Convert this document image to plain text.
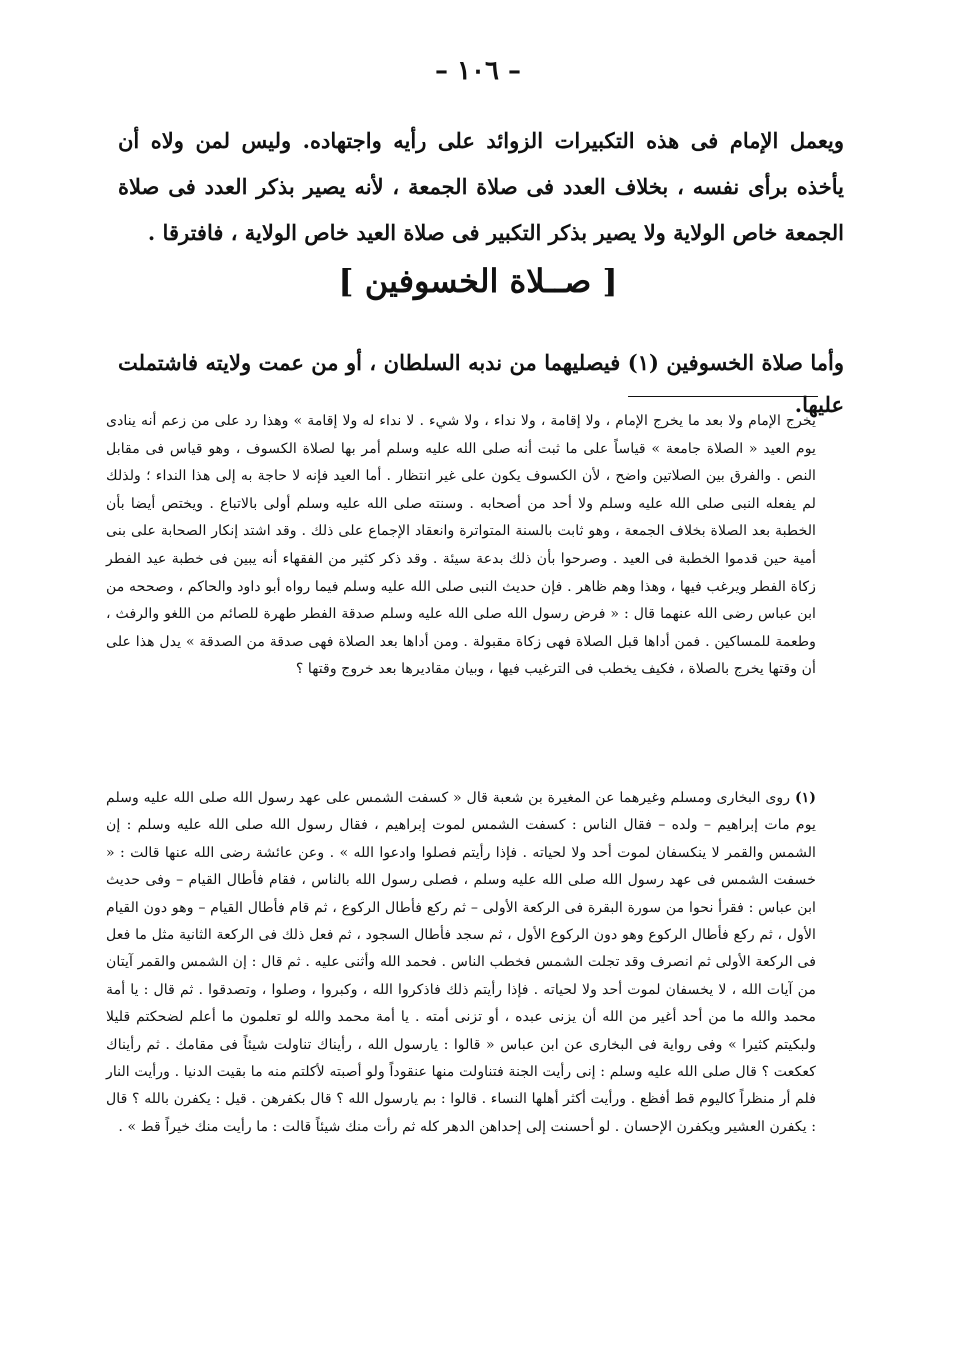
– ١٠٦ –
ويعمل الإمام فى هذه التكبيرات الزوائد على رأيه واجتهاده. وليس لمن ولاه أن يأخذه برأى نفسه ، بخلاف العدد فى صلاة الجمعة ، لأنه يصير بذكر العدد فى صلاة الجمعة خاص الولاية ولا يصير بذكر التكبير فى صلاة العيد خاص الولاية ، فافترقا .
[ صــلاة الخسوفين ]
وأما صلاة الخسوفين (١) فيصليهما من ندبه السلطان ، أو من عمت ولايته فاشتملت عليها.
يخرج الإمام ولا بعد ما يخرج الإمام ، ولا إقامة ، ولا نداء ، ولا شيء . لا نداء له ولا إقامة » وهذا رد على من زعم أنه ينادى يوم العيد « الصلاة جامعة » قياساً على ما ثبت أنه صلى الله عليه وسلم أمر بها لصلاة الكسوف ، وهو قياس فى مقابل النص . والفرق بين الصلاتين واضح ، لأن الكسوف يكون على غير انتظار . أما العيد فإنه لا حاجة به إلى هذا النداء ؛ ولذلك لم يفعله النبى صلى الله عليه وسلم ولا أحد من أصحابه . وسنته صلى الله عليه وسلم أولى بالاتباع . ويختص أيضا بأن الخطبة بعد الصلاة بخلاف الجمعة ، وهو ثابت بالسنة المتواترة وانعقاد الإجماع على ذلك . وقد اشتد إنكار الصحابة على بنى أمية حين قدموا الخطبة فى العيد . وصرحوا بأن ذلك بدعة سيئة . وقد ذكر كثير من الفقهاء أنه يبين فى خطبة عيد الفطر زكاة الفطر ويرغب فيها ، وهذا وهم ظاهر . فإن حديث النبى صلى الله عليه وسلم فيما رواه أبو داود والحاكم ، وصححه من ابن عباس رضى الله عنهما قال : « فرض رسول الله صلى الله عليه وسلم صدقة الفطر طهرة للصائم من اللغو والرفث ، وطعمة للمساكين . فمن أداها قبل الصلاة فهى زكاة مقبولة . ومن أداها بعد الصلاة فهى صدقة من الصدقة » يدل هذا على أن وقتها يخرج بالصلاة ، فكيف يخطب فى الترغيب فيها ، وبيان مقاديرها بعد خروج وقتها ؟
(١) روى البخارى ومسلم وغيرهما عن المغيرة بن شعبة قال « كسفت الشمس على عهد رسول الله صلى الله عليه وسلم يوم مات إبراهيم – ولده – فقال الناس : كسفت الشمس لموت إبراهيم ، فقال رسول الله صلى الله عليه وسلم : إن الشمس والقمر لا ينكسفان لموت أحد ولا لحياته . فإذا رأيتم فصلوا وادعوا الله » . وعن عائشة رضى الله عنها قالت : « خسفت الشمس فى عهد رسول الله صلى الله عليه وسلم ، فصلى رسول الله بالناس ، فقام فأطال القيام – وفى حديث ابن عباس : فقرأ نحوا من سورة البقرة فى الركعة الأولى – ثم ركع فأطال الركوع ، ثم قام فأطال القيام – وهو دون القيام الأول ، ثم ركع فأطال الركوع وهو دون الركوع الأول ، ثم سجد فأطال السجود ، ثم فعل ذلك فى الركعة الثانية مثل ما فعل فى الركعة الأولى ثم انصرف وقد تجلت الشمس فخطب الناس . فحمد الله وأثنى عليه . ثم قال : إن الشمس والقمر آيتان من آيات الله ، لا يخسفان لموت أحد ولا لحياته . فإذا رأيتم ذلك فاذكروا الله ، وكبروا ، وصلوا ، وتصدقوا . ثم قال : يا أمة محمد والله ما من أحد أغير من الله أن يزنى عبده ، أو تزنى أمته . يا أمة محمد والله لو تعلمون ما أعلم لضحكتم قليلا ولبكيتم كثيرا » وفى رواية فى البخارى عن ابن عباس « قالوا : يارسول الله ، رأيناك تناولت شيئاً فى مقامك . ثم رأيناك كعكعت ؟ قال صلى الله عليه وسلم : إنى رأيت الجنة فتناولت منها عنقوداً ولو أصبته لأكلتم منه ما بقيت الدنيا . ورأيت النار فلم أر منظراً كاليوم قط أفظع . ورأيت أكثر أهلها النساء . قالوا : بم يارسول الله ؟ قال بكفرهن . قيل : يكفرن بالله ؟ قال : يكفرن العشير ويكفرن الإحسان . لو أحسنت إلى إحداهن الدهر كله ثم رأت منك شيئاً قالت : ما رأيت منك خيراً قط » .
